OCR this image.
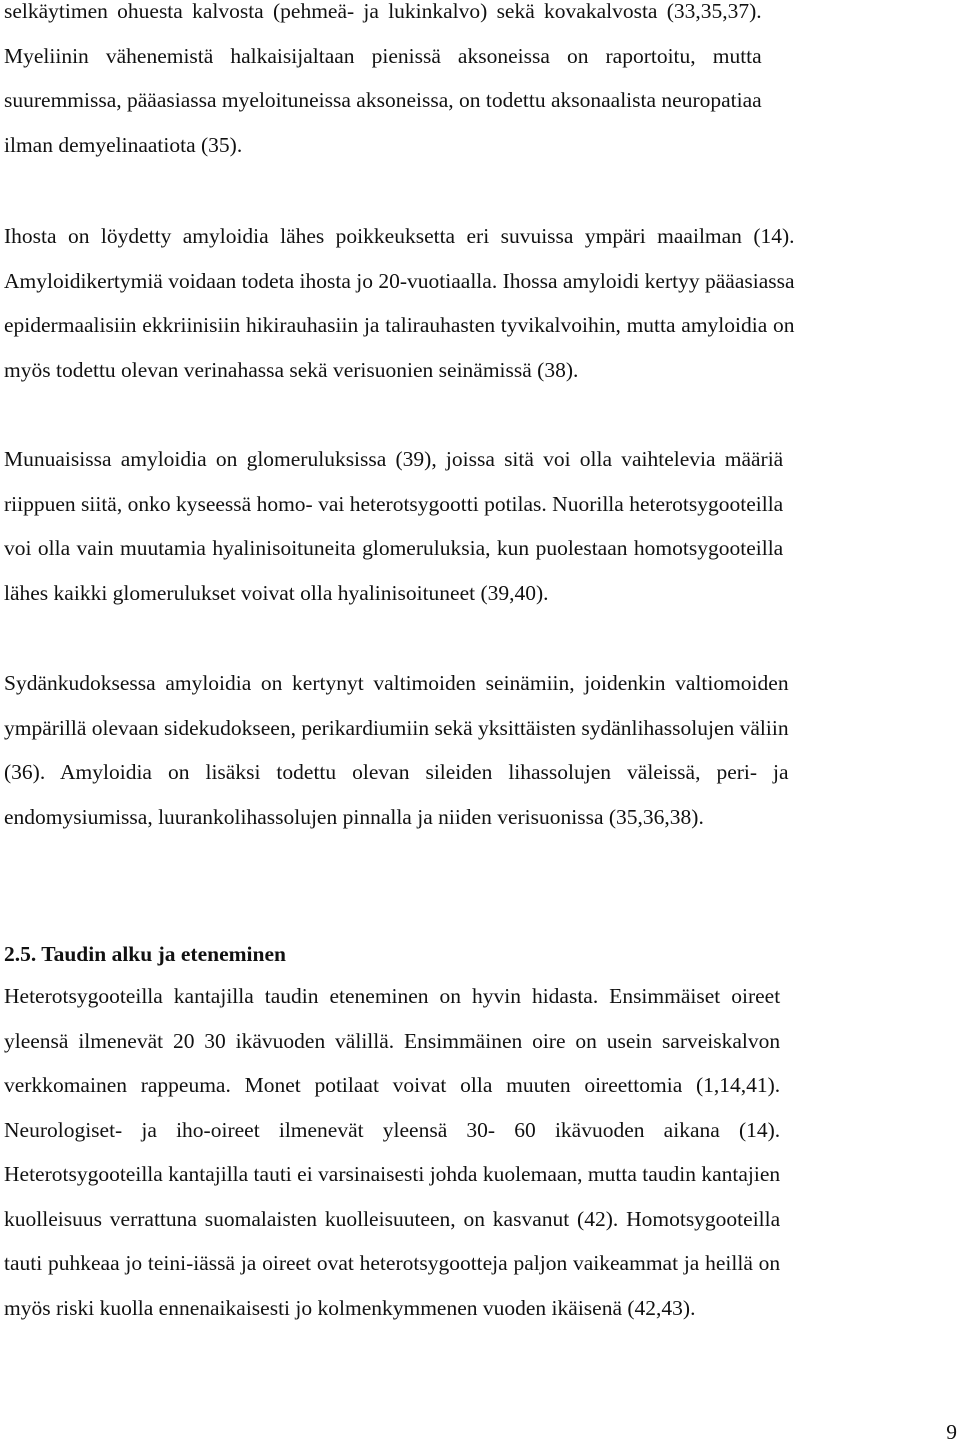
selkäytimen ohuesta kalvosta (pehmeä- ja lukinkalvo) sekä kovakalvosta (33,35,37).
Myeliinin vähenemistä halkaisijaltaan pienissä aksoneissa on raportoitu, mutta
suuremmissa, pääasiassa myeloituneissa aksoneissa, on todettu aksonaalista neuropatiaa
ilman demyelinaatiota (35).
Ihosta on löydetty amyloidia lähes poikkeuksetta eri suvuissa ympäri maailman (14).
Amyloidikertymiä voidaan todeta ihosta jo 20-vuotiaalla. Ihossa amyloidi kertyy pääasiassa
epidermaalisiin ekkriinisiin hikirauhasiin ja talirauhasten tyvikalvoihin, mutta amyloidia on
myös todettu olevan verinahassa sekä verisuonien seinämissä (38).
Munuaisissa amyloidia on glomeruluksissa (39), joissa sitä voi olla vaihtelevia määriä
riippuen siitä, onko kyseessä homo- vai heterotsygootti potilas. Nuorilla heterotsygooteilla
voi olla vain muutamia hyalinisoituneita glomeruluksia, kun puolestaan homotsygooteilla
lähes kaikki glomerulukset voivat olla hyalinisoituneet (39,40).
Sydänkudoksessa amyloidia on kertynyt valtimoiden seinämiin, joidenkin valtiomoiden
ympärillä olevaan sidekudokseen, perikardiumiin sekä yksittäisten sydänlihassolujen väliin
(36). Amyloidia on lisäksi todettu olevan sileiden lihassolujen väleissä, peri- ja
endomysiumissa, luurankolihassolujen pinnalla ja niiden verisuonissa (35,36,38).
2.5. Taudin alku ja eteneminen
Heterotsygooteilla kantajilla taudin eteneminen on hyvin hidasta. Ensimmäiset oireet
yleensä ilmenevät 20 30 ikävuoden välillä. Ensimmäinen oire on usein sarveiskalvon
verkkomainen rappeuma. Monet potilaat voivat olla muuten oireettomia (1,14,41).
Neurologiset- ja iho-oireet ilmenevät yleensä 30- 60 ikävuoden aikana (14).
Heterotsygooteilla kantajilla tauti ei varsinaisesti johda kuolemaan, mutta taudin kantajien
kuolleisuus verrattuna suomalaisten kuolleisuuteen, on kasvanut (42). Homotsygooteilla
tauti puhkeaa jo teini-iässä ja oireet ovat heterotsygootteja paljon vaikeammat ja heillä on
myös riski kuolla ennenaikaisesti jo kolmenkymmenen vuoden ikäisenä (42,43).
9
